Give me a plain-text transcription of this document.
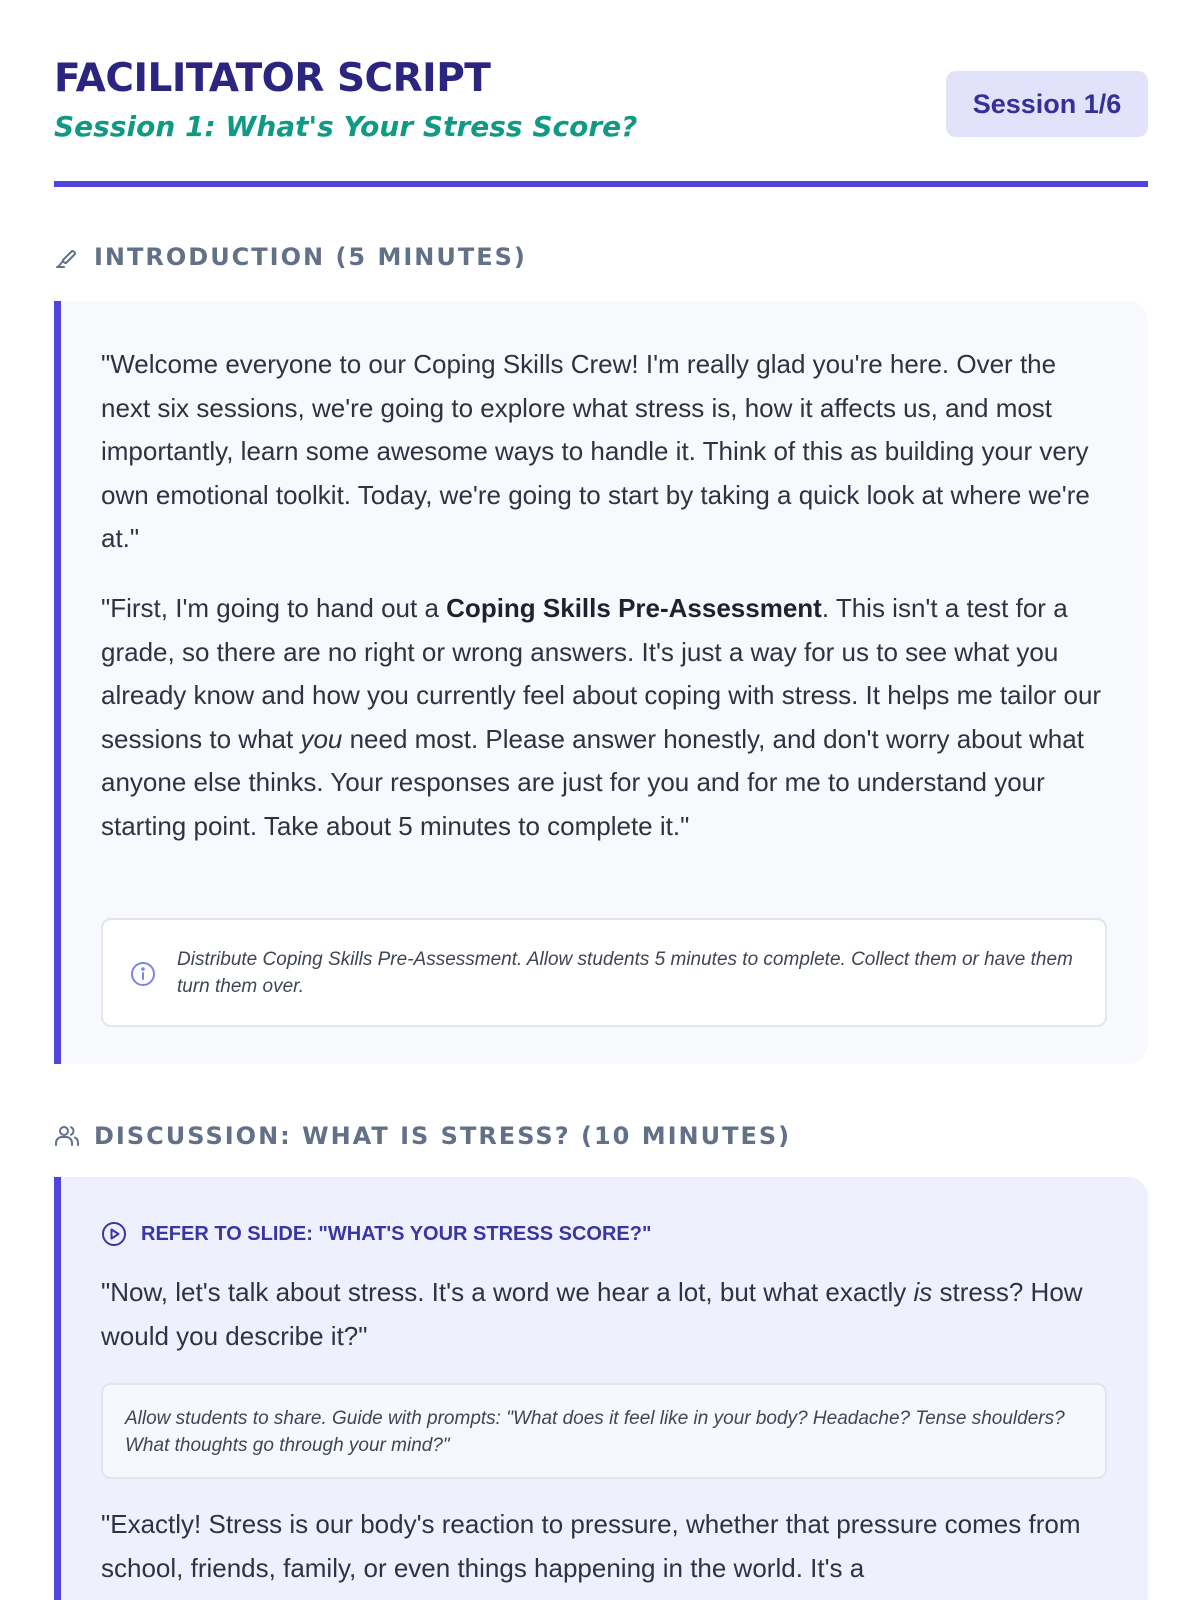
FACILITATOR SCRIPT
Session 1: What's Your Stress Score?
Session 1/6
INTRODUCTION (5 MINUTES)

"Welcome everyone to our Coping Skills Crew! I'm really glad you're here. Over the next six sessions, we're going to explore what stress is, how it affects us, and most importantly, learn some awesome ways to handle it. Think of this as building your very own emotional toolkit. Today, we're going to start by taking a quick look at where we're at."

"First, I'm going to hand out a Coping Skills Pre-Assessment. This isn't a test for a grade, so there are no right or wrong answers. It's just a way for us to see what you already know and how you currently feel about coping with stress. It helps me tailor our sessions to what you need most. Please answer honestly, and don't worry about what anyone else thinks. Your responses are just for you and for me to understand your starting point. Take about 5 minutes to complete it."

Distribute Coping Skills Pre-Assessment. Allow students 5 minutes to complete. Collect them or have them turn them over.

DISCUSSION: WHAT IS STRESS? (10 MINUTES)
REFER TO SLIDE: "WHAT'S YOUR STRESS SCORE?"

"Now, let's talk about stress. It's a word we hear a lot, but what exactly is stress? How would you describe it?"

Allow students to share. Guide with prompts: "What does it feel like in your body? Headache? Tense shoulders? What thoughts go through your mind?"

"Exactly! Stress is our body's reaction to pressure, whether that pressure comes from school, friends, family, or even things happening in the world. It's a
